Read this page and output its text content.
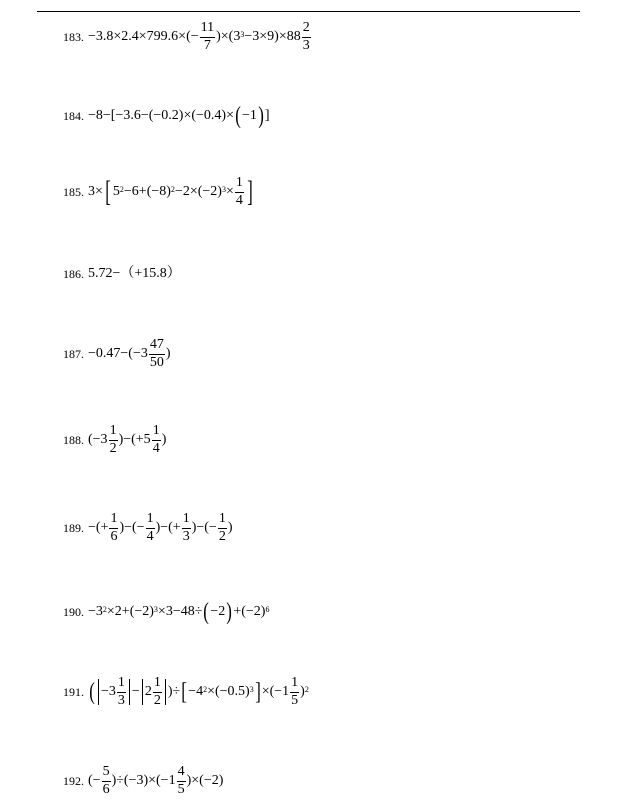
183. $-3.8\times 2.4\times 799.6\times(- \frac{11}{7} )\times(3^3 -3\times 9)\times 88 \frac{2}{3}$
184. −8−[−3.6−(−0.2)×(−0.4)× ( −1 ) ]
185. 3× [ $5^2 -6+(-8)^2 -2\times(-2)^3 \times \frac{1}{4}$ ]
186. 5.72−（+15.8）
187. $-0.47-(-3 \frac{47}{50}$ )
188. $(-3 \frac{1}{2} )-(+5 \frac{1}{4}$ )
189. −(+ $\frac{1}{6}$ )−(− $\frac{1}{4}$ )−(+ $\frac{1}{3}$ )−(− $\frac{1}{2}$ )
190. $-3^2 \times 2+(-2)^3 \times 3-48\div$ ( −2 ) $+(-2)^6$
191. ( $-3 \frac{1}{3} - 2 \frac{1}{2}$ )÷ [ $-4^2 \times(-0.5)^3$ ] $\times(-1 \frac{1}{5} )^2$
192. (− $\frac{5}{6} )\div(-3)\times(-1 \frac{4}{5} )\times(-2)$
